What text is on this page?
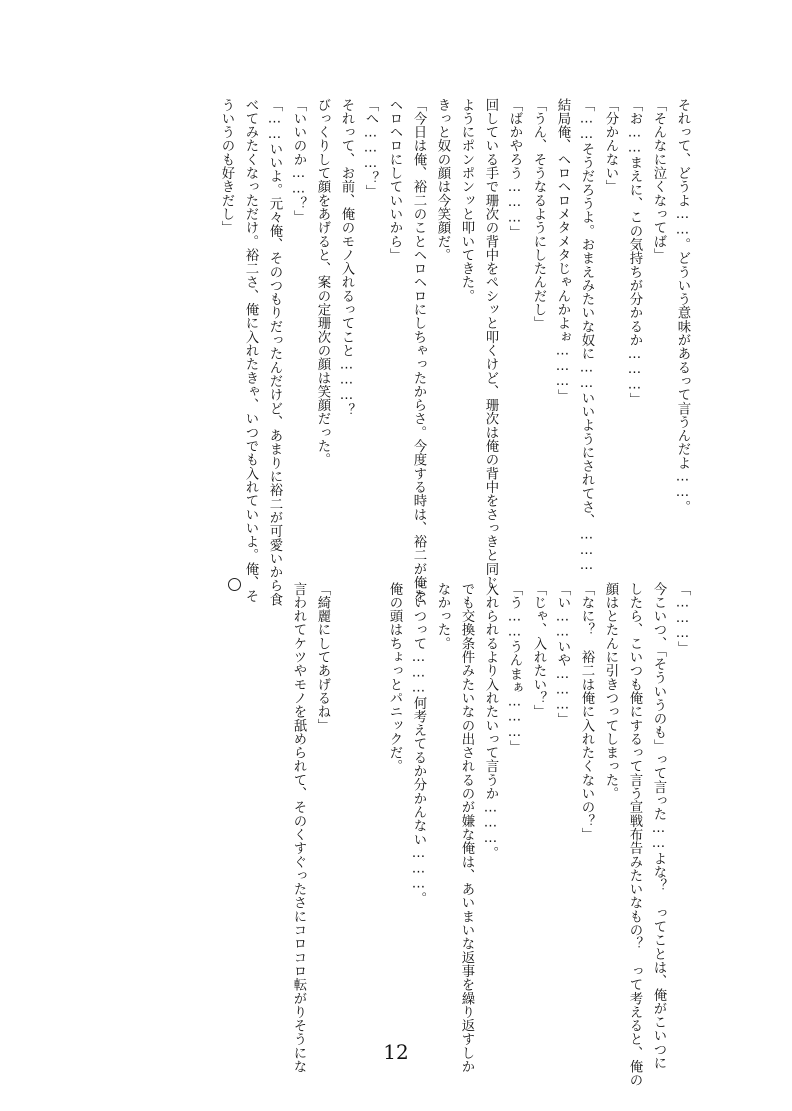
それって、どうよ……。どういう意味があるって言うんだよ……。
「そんなに泣くなってば」
「お……まえに、この気持ちが分かるか………」
「分かんない」
「……そうだろうよ。おまえみたいな奴に……いいようにされてさ、………
結局俺、ヘロヘロメタメタじゃんかよぉ………」
「うん、そうなるようにしたんだし」
「ばかやろう………」
回している手で珊次の背中をペシッと叩くけど、珊次は俺の背中をさっきと同じ
ようにポンポンッと叩いてきた。
きっと奴の顔は今笑顔だ。
「今日は俺、裕二のことヘロヘロにしちゃったからさ。今度する時は、裕二が俺を
ヘロヘロにしていいから」
「へ………？」
それって、お前、俺のモノ入れるってこと………？
びっくりして顔をあげると、案の定珊次の顔は笑顔だった。
「いいのか……？」
「……いいよ。元々俺、そのつもりだったんだけど、あまりに裕二が可愛いから食
べてみたくなっただけ。裕二さ、俺に入れたきゃ、いつでも入れていいよ。俺、そ
ういうのも好きだし」
「………」
今こいつ、「そういうのも」って言った……よな？　ってことは、俺がこいつに
したら、こいつも俺にするって言う宣戦布告みたいなもの？　って考えると、俺の
顔はとたんに引きつってしまった。
「なに？　裕二は俺に入れたくないの？」
「い……いや………」
「じゃ、入れたい？」
「う……うんまぁ………」
入れられるより入れたいって言うか………。
でも交換条件みたいなの出されるのが嫌な俺は、あいまいな返事を繰り返すしか
なかった。
こいつって………何考えてるか分かんない………。
俺の頭はちょっとパニックだ。
「綺麗にしてあげるね」
言われてケツやモノを舐められて、そのくすぐったさにコロコロ転がりそうにな	12
